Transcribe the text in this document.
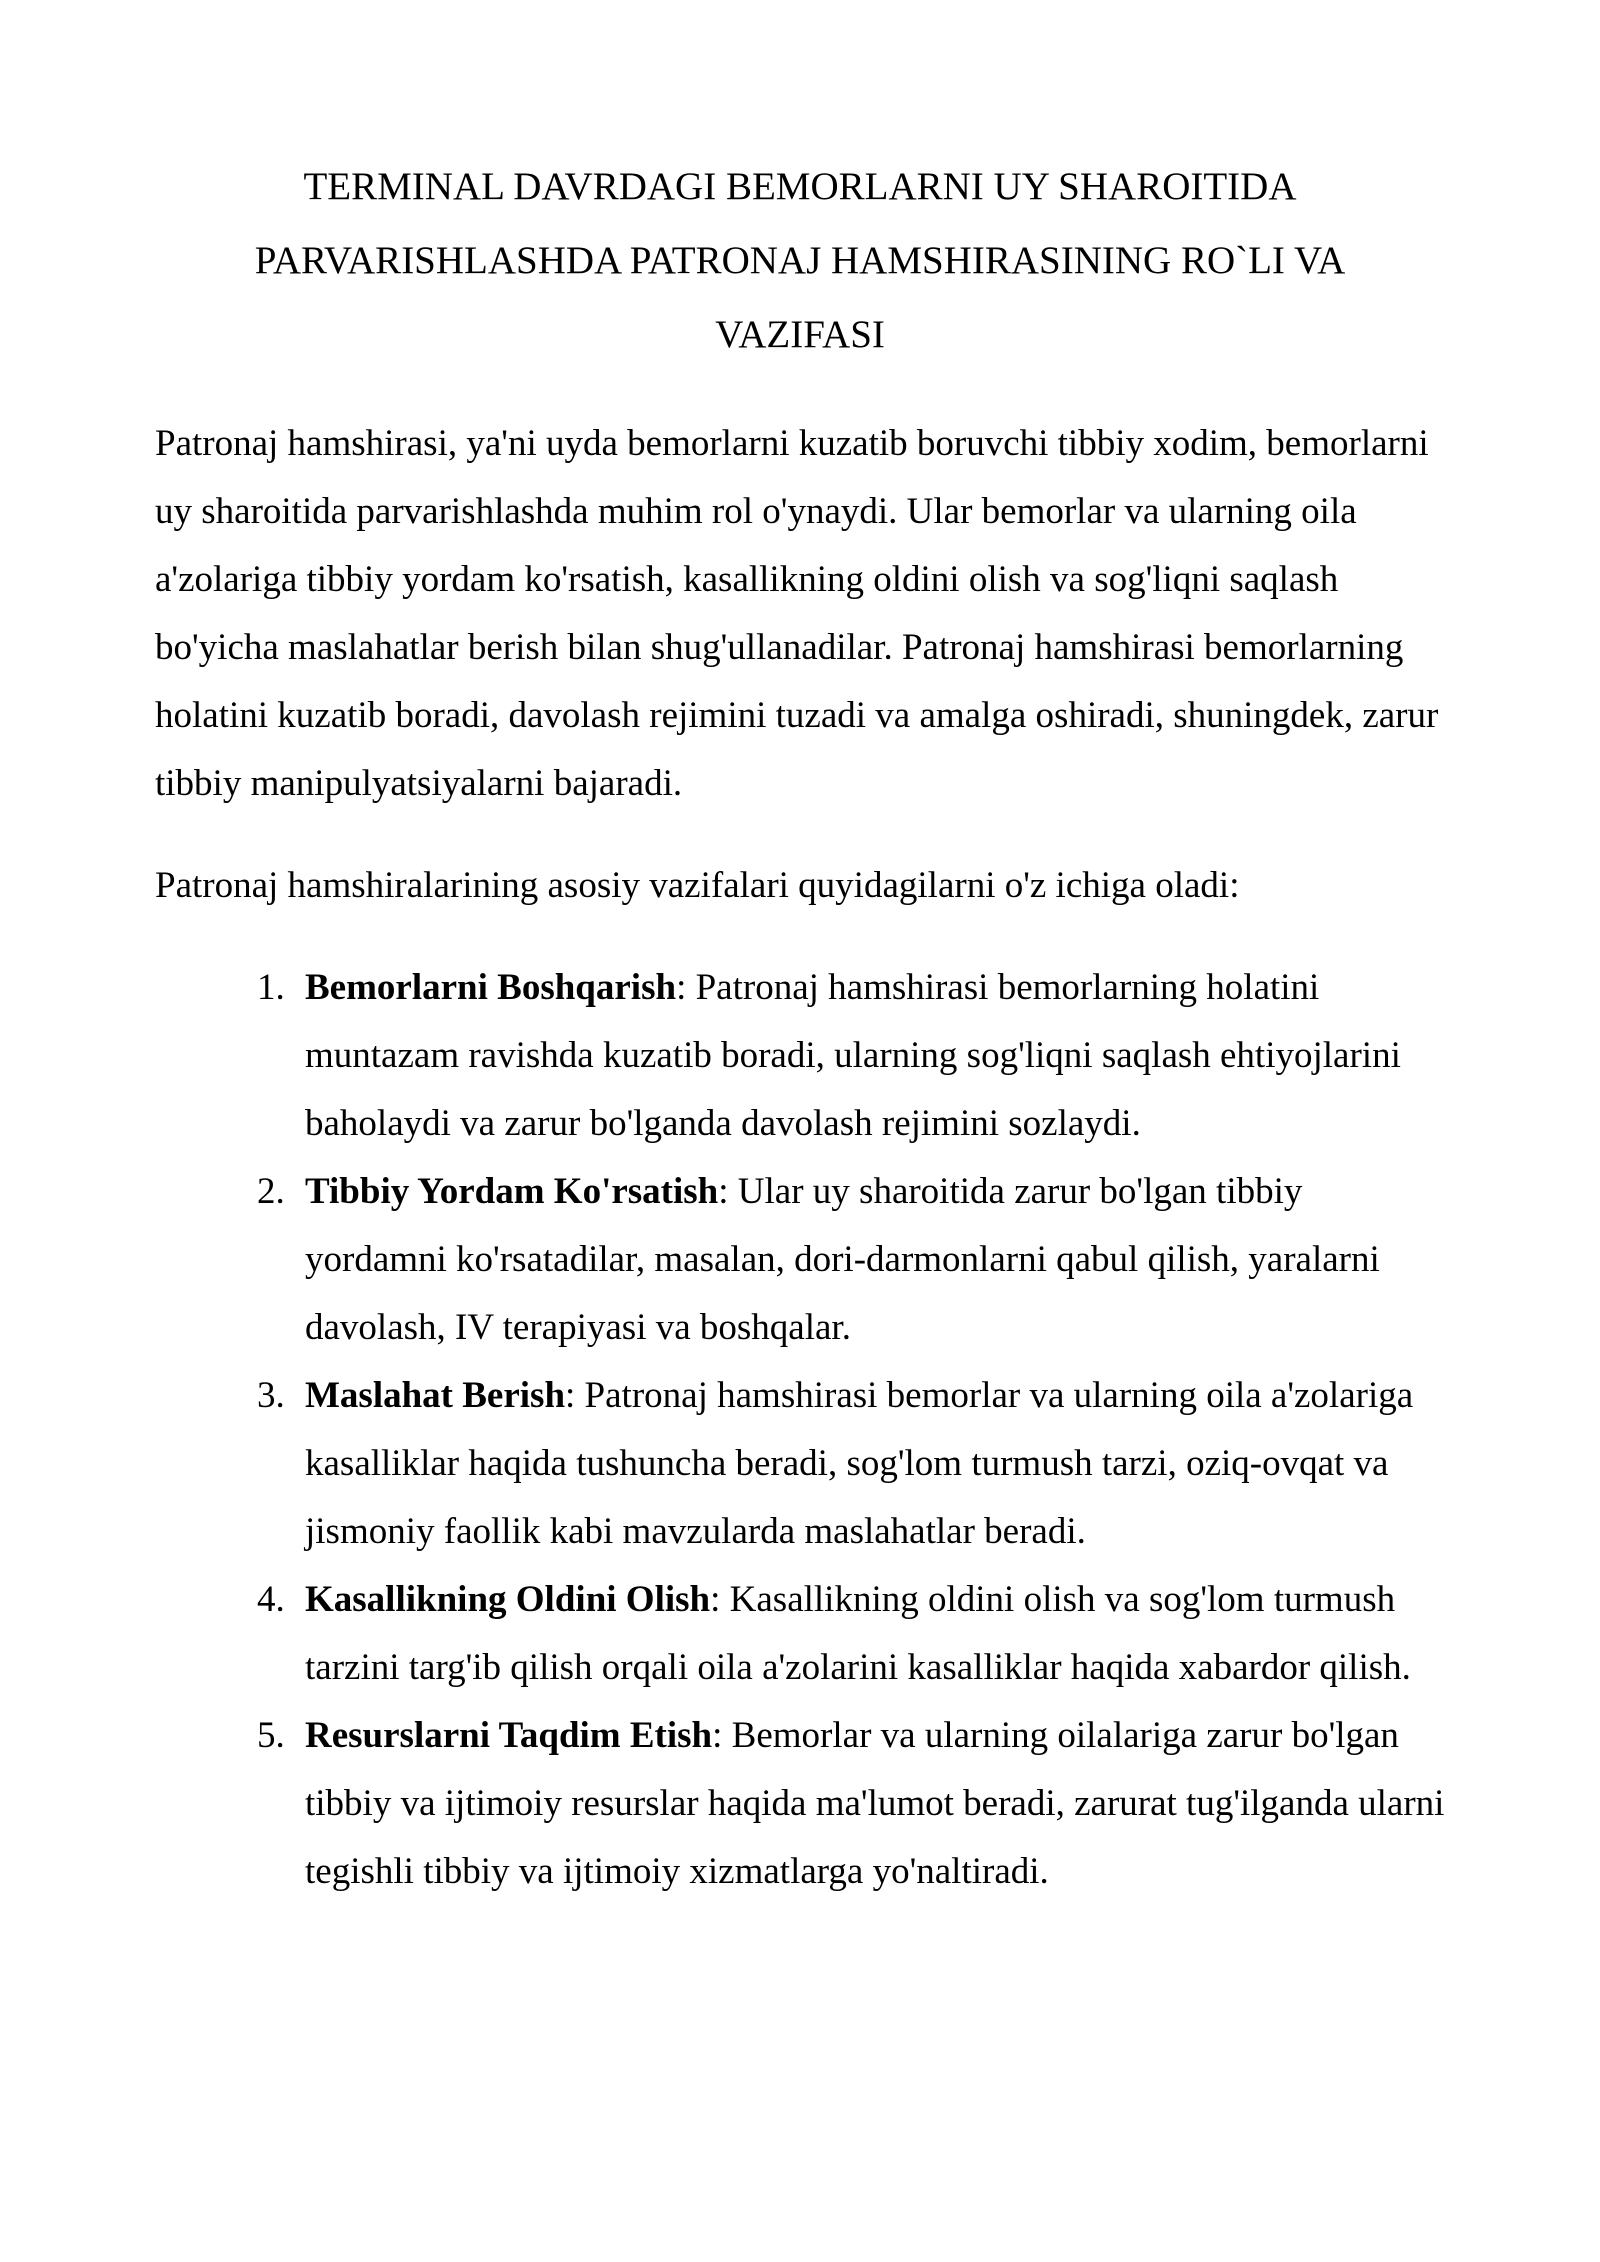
TERMINAL DAVRDAGI BEMORLARNI UY SHAROITIDA
PARVARISHLASHDA PATRONAJ HAMSHIRASINING RO`LI VA
VAZIFASI

Patronaj hamshirasi, ya'ni uyda bemorlarni kuzatib boruvchi tibbiy xodim, bemorlarni uy sharoitida parvarishlashda muhim rol o'ynaydi. Ular bemorlar va ularning oila a'zolariga tibbiy yordam ko'rsatish, kasallikning oldini olish va sog'liqni saqlash bo'yicha maslahatlar berish bilan shug'ullanadilar. Patronaj hamshirasi bemorlarning holatini kuzatib boradi, davolash rejimini tuzadi va amalga oshiradi, shuningdek, zarur tibbiy manipulyatsiyalarni bajaradi.

Patronaj hamshiralarining asosiy vazifalari quyidagilarni o'z ichiga oladi:

1. Bemorlarni Boshqarish: Patronaj hamshirasi bemorlarning holatini muntazam ravishda kuzatib boradi, ularning sog'liqni saqlash ehtiyojlarini baholaydi va zarur bo'lganda davolash rejimini sozlaydi.
2. Tibbiy Yordam Ko'rsatish: Ular uy sharoitida zarur bo'lgan tibbiy yordamni ko'rsatadilar, masalan, dori-darmonlarni qabul qilish, yaralarni davolash, IV terapiyasi va boshqalar.
3. Maslahat Berish: Patronaj hamshirasi bemorlar va ularning oila a'zolariga kasalliklar haqida tushuncha beradi, sog'lom turmush tarzi, oziq-ovqat va jismoniy faollik kabi mavzularda maslahatlar beradi.
4. Kasallikning Oldini Olish: Kasallikning oldini olish va sog'lom turmush tarzini targ'ib qilish orqali oila a'zolarini kasalliklar haqida xabardor qilish.
5. Resurslarni Taqdim Etish: Bemorlar va ularning oilalariga zarur bo'lgan tibbiy va ijtimoiy resurslar haqida ma'lumot beradi, zarurat tug'ilganda ularni tegishli tibbiy va ijtimoiy xizmatlarga yo'naltiradi.
